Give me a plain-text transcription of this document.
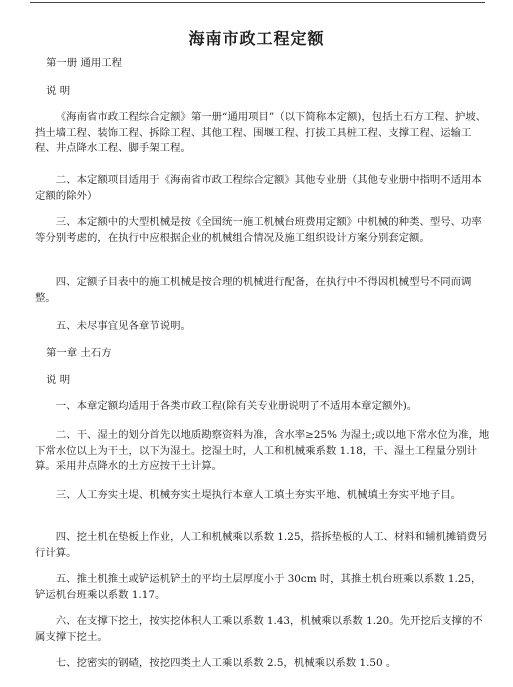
海南市政工程定额
第一册 通用工程
说 明
《海南省市政工程综合定额》第一册“通用项目”（以下简称本定额)，包括土石方工程、护坡、挡土墙工程、装饰工程、拆除工程、其他工程、围堰工程、打拔工具桩工程、支撑工程、运输工程、井点降水工程、脚手架工程。
二、本定额项目适用于《海南省市政工程综合定额》其他专业册（其他专业册中指明不适用本定额的除外）
三、本定额中的大型机械是按《全国统一施工机械台班费用定额》中机械的种类、型号、功率等分别考虑的，在执行中应根据企业的机械组合情况及施工组织设计方案分别套定额。
四、定额子目表中的施工机械是按合理的机械进行配备，在执行中不得因机械型号不同而调整。
五、未尽事宜见各章节说明。
第一章 土石方
说 明
一、本章定额均适用于各类市政工程(除有关专业册说明了不适用本章定额外)。
二、干、湿土的划分首先以地质勘察资料为准，含水率≥25% 为湿土;或以地下常水位为准，地下常水位以上为干土，以下为湿土。挖湿土时，人工和机械乘系数 1.18，干、湿土工程量分别计算。采用井点降水的土方应按干土计算。
三、人工夯实土堤、机械夯实土堤执行本章人工填土夯实平地、机械填土夯实平地子目。
四、挖土机在垫板上作业，人工和机械乘以系数 1.25，搭拆垫板的人工、材料和辅机摊销费另行计算。
五、推土机推土或铲运机铲土的平均土层厚度小于 30cm 时，其推土机台班乘以系数 1.25，铲运机台班乘以系数 1.17。
六、在支撑下挖土，按实挖体积人工乘以系数 1.43，机械乘以系数 1.20。先开挖后支撑的不属支撑下挖土。
七、挖密实的钢碴，按挖四类土人工乘以系数 2.5，机械乘以系数 1.50 。
